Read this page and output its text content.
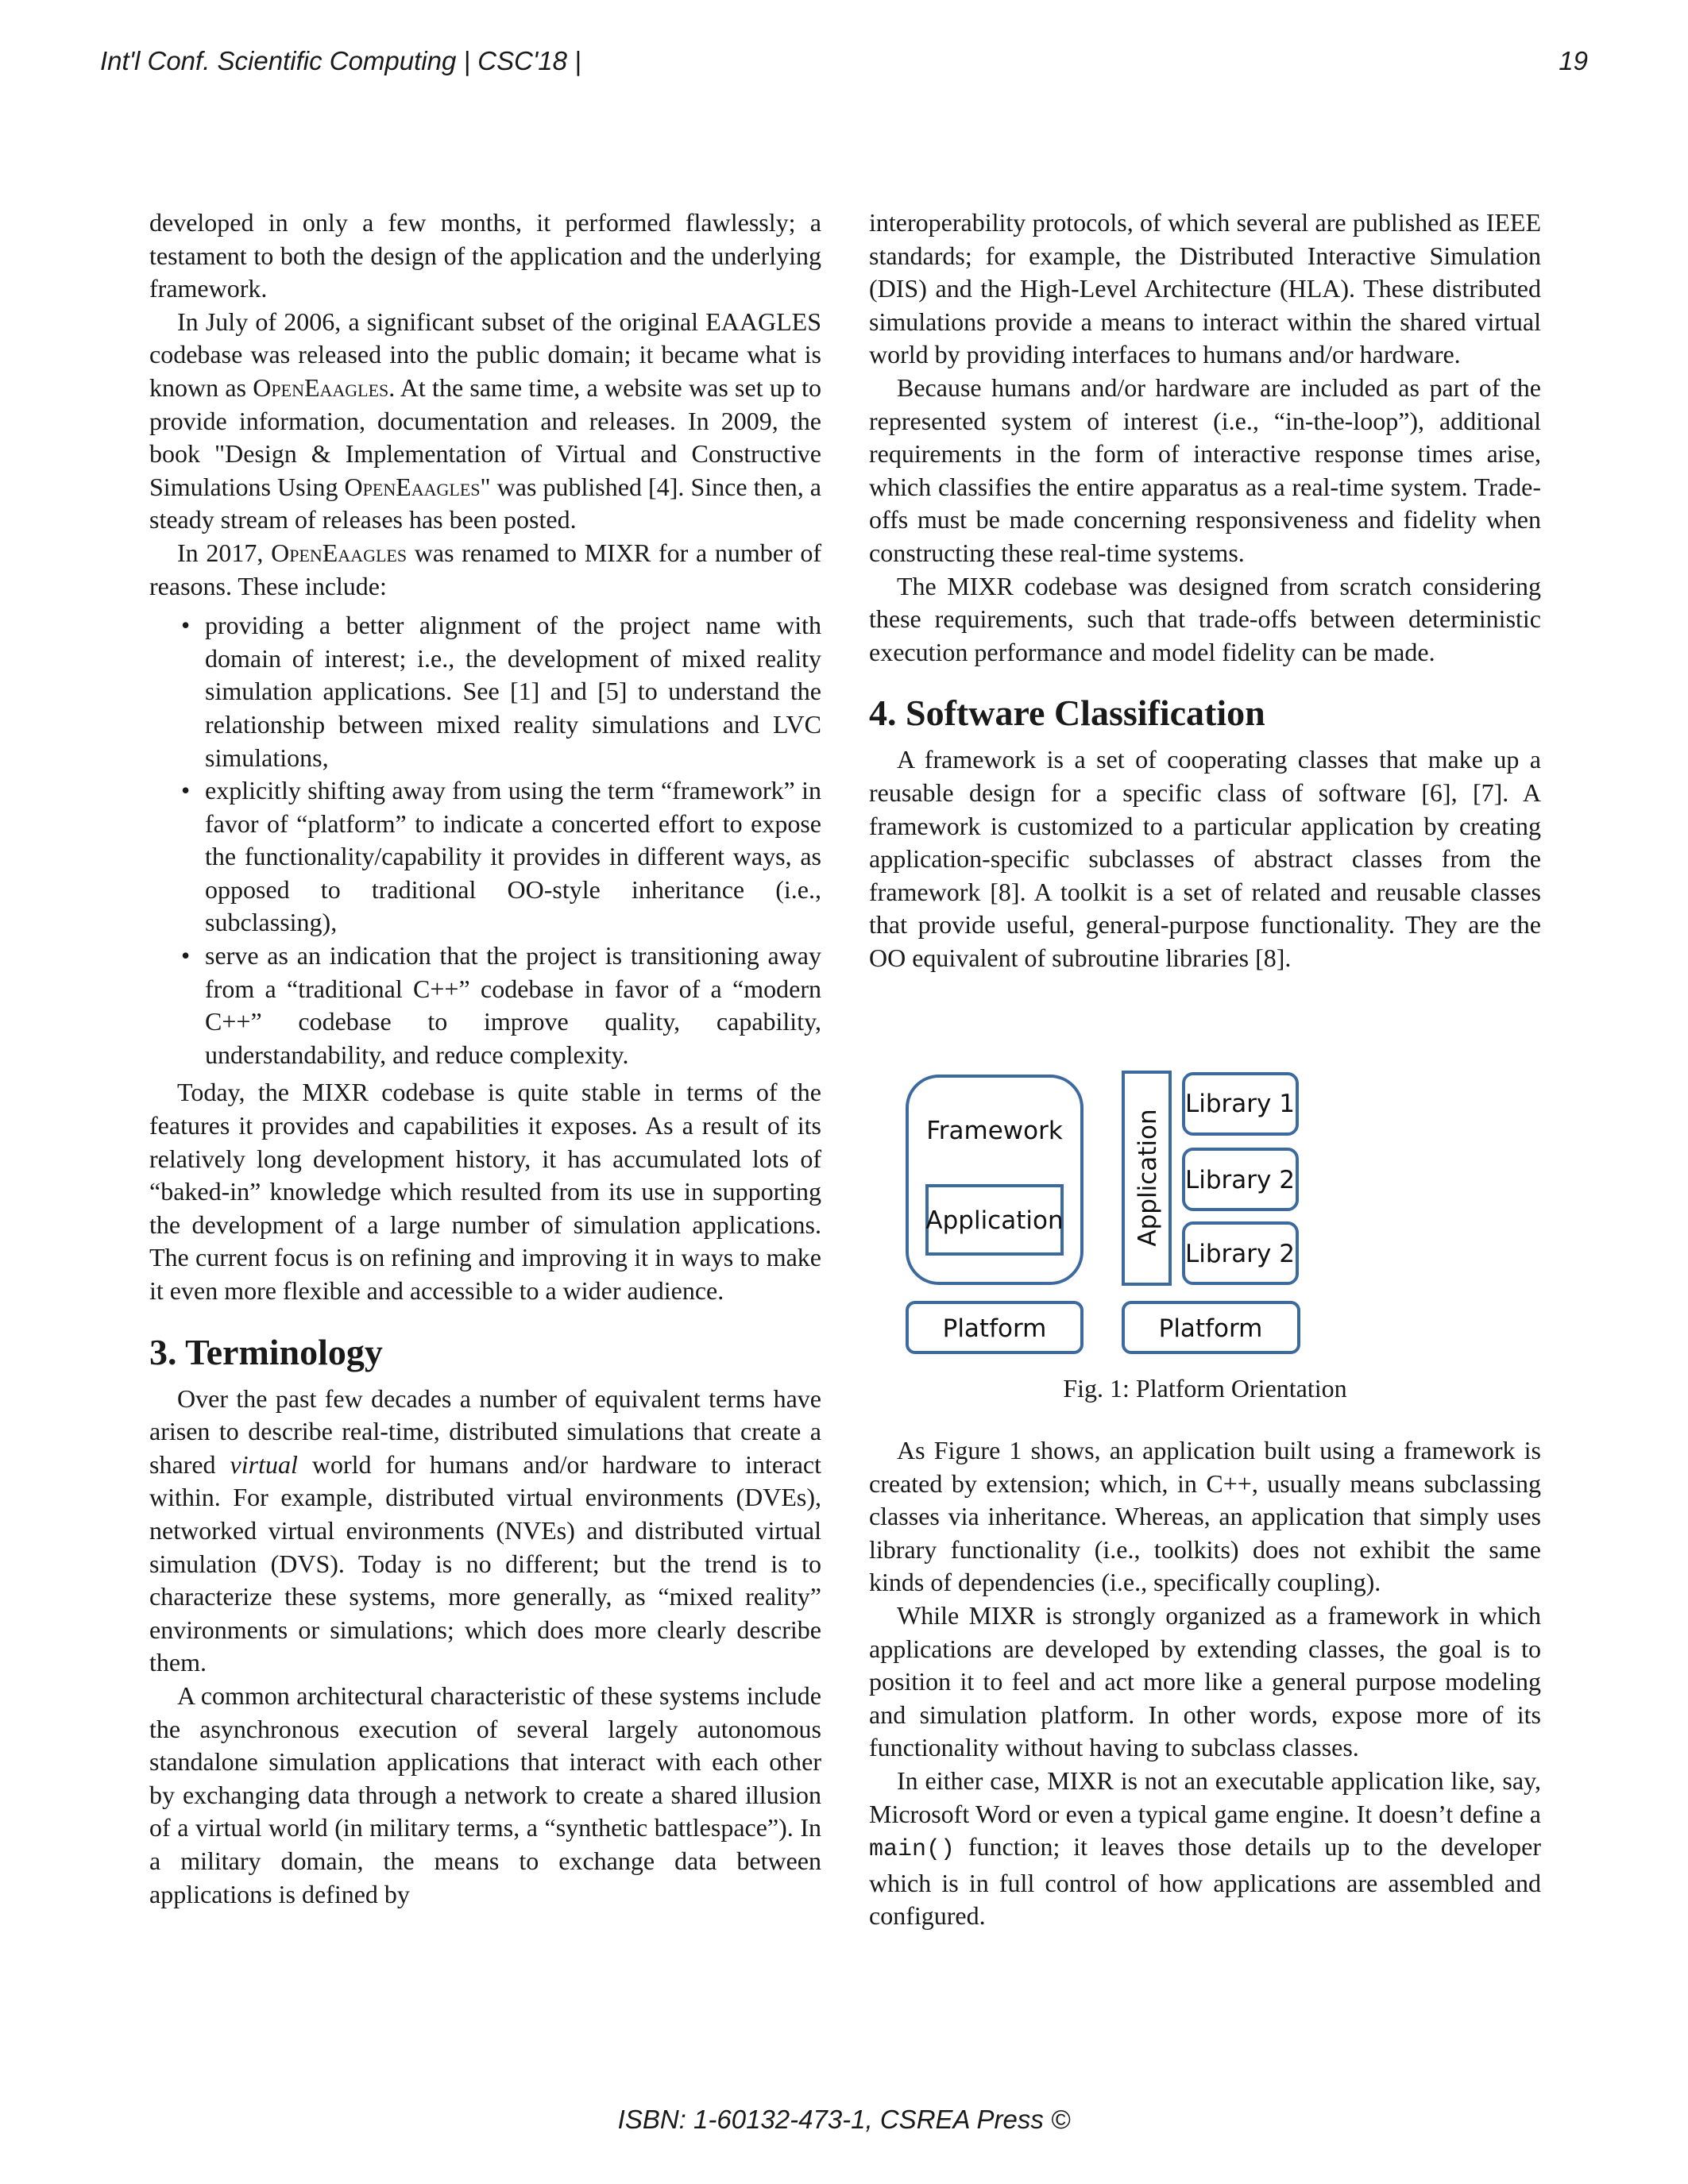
Int'l Conf. Scientific Computing | CSC'18 |	19

developed in only a few months, it performed flawlessly; a testament to both the design of the application and the underlying framework.

In July of 2006, a significant subset of the original EAAGLES codebase was released into the public domain; it became what is known as OpenEaagles. At the same time, a website was set up to provide information, documentation and releases. In 2009, the book "Design & Implementation of Virtual and Constructive Simulations Using OpenEaagles" was published [4]. Since then, a steady stream of releases has been posted.

In 2017, OpenEaagles was renamed to MIXR for a number of reasons. These include:

• providing a better alignment of the project name with domain of interest; i.e., the development of mixed reality simulation applications. See [1] and [5] to understand the relationship between mixed reality simulations and LVC simulations,
• explicitly shifting away from using the term “framework” in favor of “platform” to indicate a concerted effort to expose the functionality/capability it provides in different ways, as opposed to traditional OO-style inheritance (i.e., subclassing),
• serve as an indication that the project is transitioning away from a “traditional C++” codebase in favor of a “modern C++” codebase to improve quality, capability, understandability, and reduce complexity.

Today, the MIXR codebase is quite stable in terms of the features it provides and capabilities it exposes. As a result of its relatively long development history, it has accumulated lots of “baked-in” knowledge which resulted from its use in supporting the development of a large number of simulation applications. The current focus is on refining and improving it in ways to make it even more flexible and accessible to a wider audience.

3. Terminology

Over the past few decades a number of equivalent terms have arisen to describe real-time, distributed simulations that create a shared virtual world for humans and/or hardware to interact within. For example, distributed virtual environments (DVEs), networked virtual environments (NVEs) and distributed virtual simulation (DVS). Today is no different; but the trend is to characterize these systems, more generally, as “mixed reality” environments or simulations; which does more clearly describe them.

A common architectural characteristic of these systems include the asynchronous execution of several largely autonomous standalone simulation applications that interact with each other by exchanging data through a network to create a shared illusion of a virtual world (in military terms, a “synthetic battlespace”). In a military domain, the means to exchange data between applications is defined by

interoperability protocols, of which several are published as IEEE standards; for example, the Distributed Interactive Simulation (DIS) and the High-Level Architecture (HLA). These distributed simulations provide a means to interact within the shared virtual world by providing interfaces to humans and/or hardware.

Because humans and/or hardware are included as part of the represented system of interest (i.e., “in-the-loop”), additional requirements in the form of interactive response times arise, which classifies the entire apparatus as a real-time system. Trade-offs must be made concerning responsiveness and fidelity when constructing these real-time systems.

The MIXR codebase was designed from scratch considering these requirements, such that trade-offs between deterministic execution performance and model fidelity can be made.

4. Software Classification

A framework is a set of cooperating classes that make up a reusable design for a specific class of software [6], [7]. A framework is customized to a particular application by creating application-specific subclasses of abstract classes from the framework [8]. A toolkit is a set of related and reusable classes that provide useful, general-purpose functionality. They are the OO equivalent of subroutine libraries [8].

Framework
Application
Platform
Application
Library 1
Library 2
Library 2
Platform
Fig. 1: Platform Orientation

As Figure 1 shows, an application built using a framework is created by extension; which, in C++, usually means subclassing classes via inheritance. Whereas, an application that simply uses library functionality (i.e., toolkits) does not exhibit the same kinds of dependencies (i.e., specifically coupling).

While MIXR is strongly organized as a framework in which applications are developed by extending classes, the goal is to position it to feel and act more like a general purpose modeling and simulation platform. In other words, expose more of its functionality without having to subclass classes.

In either case, MIXR is not an executable application like, say, Microsoft Word or even a typical game engine. It doesn’t define a main() function; it leaves those details up to the developer which is in full control of how applications are assembled and configured.

ISBN: 1-60132-473-1, CSREA Press ©
